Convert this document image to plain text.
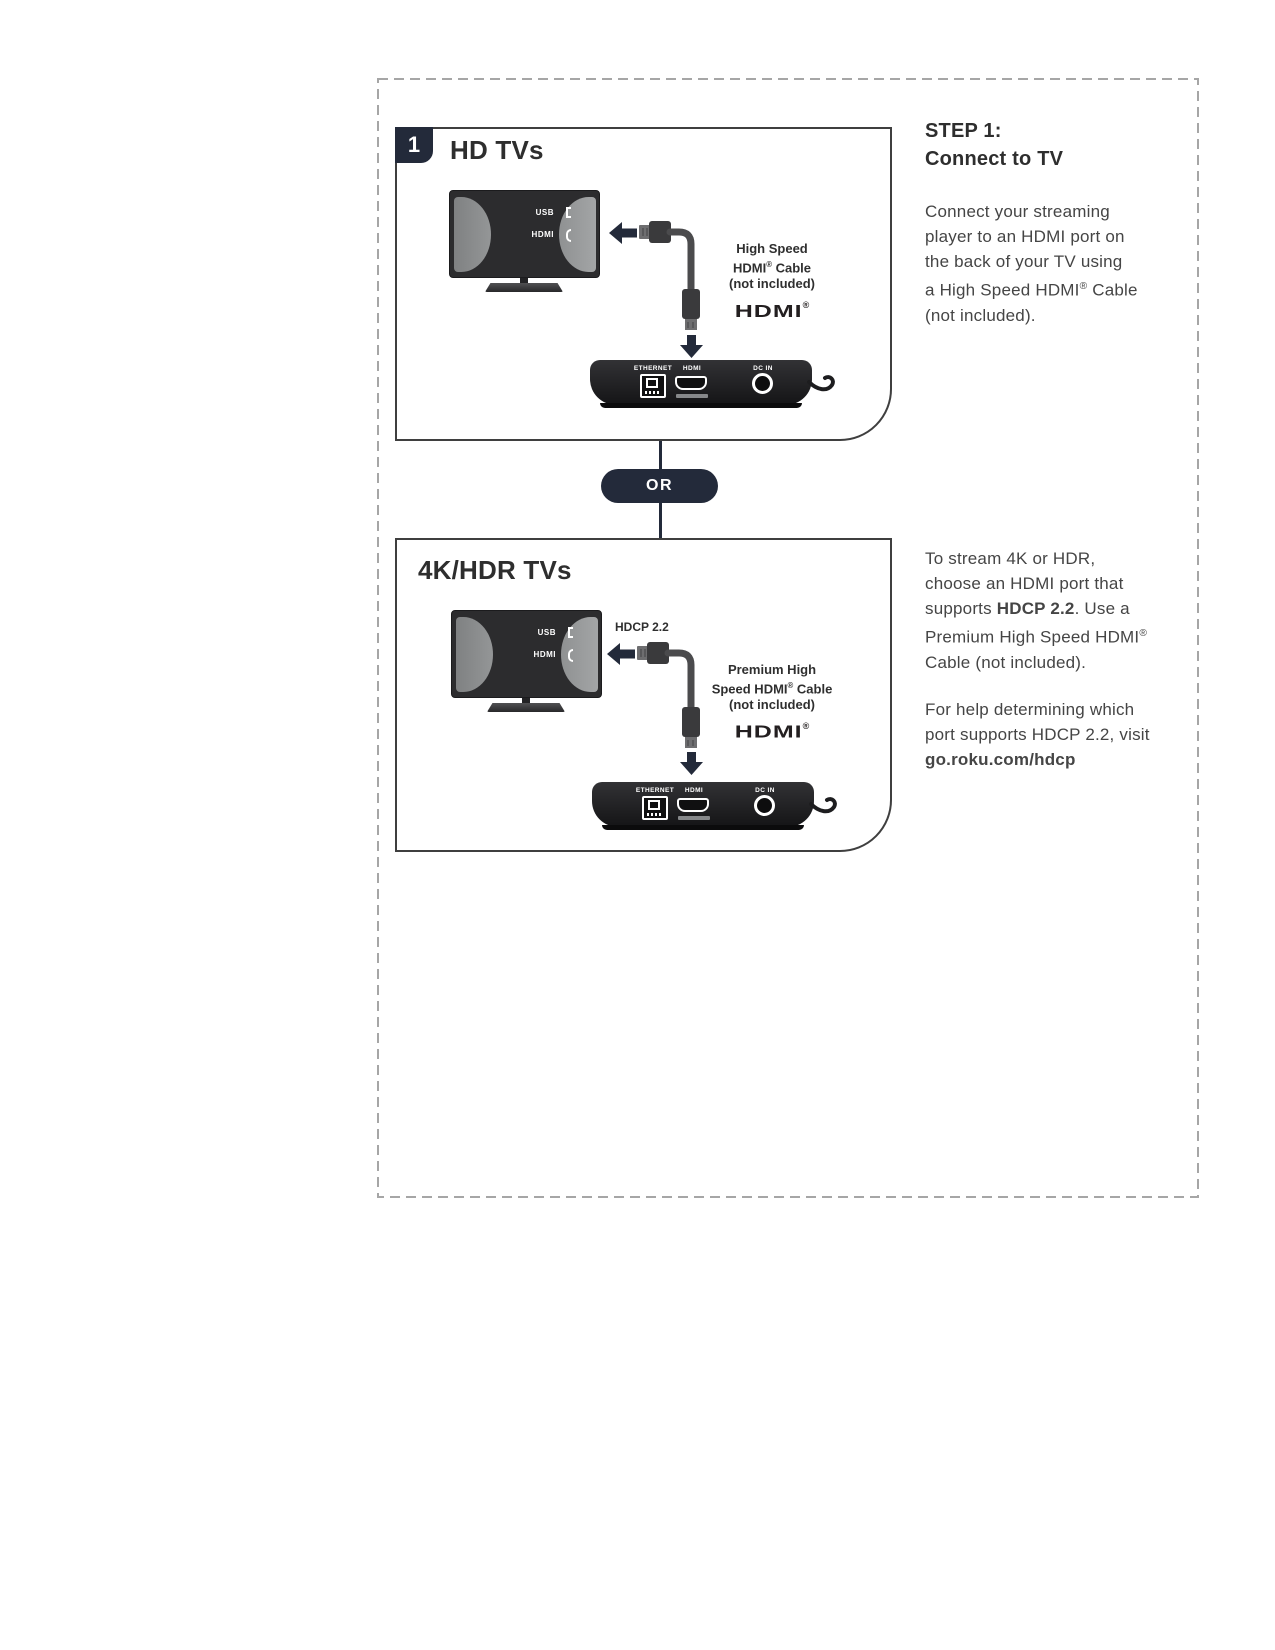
1 HD TVs
USB
HDMI
High Speed
HDMI® Cable
(not included)
HDMI®
ETHERNET	HDMI	DC IN
OR
4K/HDR TVs
USB
HDMI
HDCP 2.2
Premium High
Speed HDMI® Cable
(not included)
HDMI®
ETHERNET	HDMI	DC IN
STEP 1:
Connect to TV
Connect your streaming
player to an HDMI port on
the back of your TV using
a High Speed HDMI® Cable
(not included).
To stream 4K or HDR,
choose an HDMI port that
supports HDCP 2.2. Use a
Premium High Speed HDMI®
Cable (not included).
For help determining which
port supports HDCP 2.2, visit
go.roku.com/hdcp
